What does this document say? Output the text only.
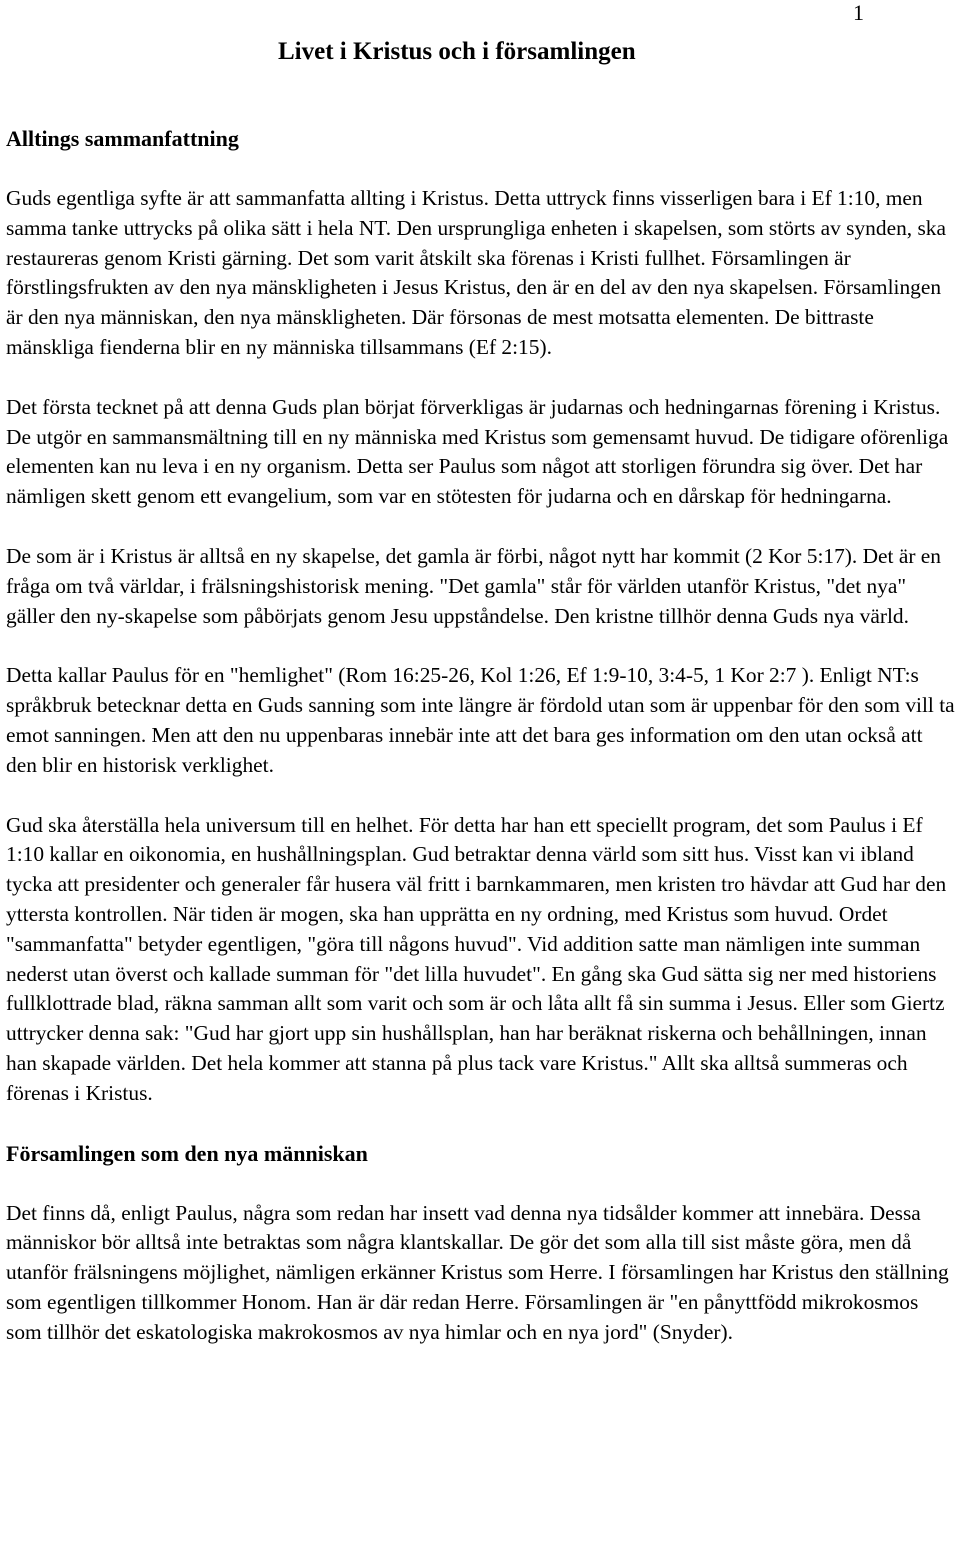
1
Livet i Kristus och i församlingen
Alltings sammanfattning

Guds egentliga syfte är att sammanfatta allting i Kristus. Detta uttryck finns visserligen bara i Ef 1:10, men samma tanke uttrycks på olika sätt i hela NT. Den ursprungliga enheten i skapelsen, som störts av synden, ska restaureras genom Kristi gärning. Det som varit åtskilt ska förenas i Kristi fullhet. Församlingen är förstlingsfrukten av den nya mänskligheten i Jesus Kristus, den är en del av den nya skapelsen. Församlingen är den nya människan, den nya mänskligheten. Där försonas de mest motsatta elementen. De bittraste mänskliga fienderna blir en ny människa tillsammans (Ef 2:15).

Det första tecknet på att denna Guds plan börjat förverkligas är judarnas och hedningarnas förening i Kristus. De utgör en sammansmältning till en ny människa med Kristus som gemensamt huvud. De tidigare oförenliga elementen kan nu leva i en ny organism. Detta ser Paulus som något att storligen förundra sig över. Det har nämligen skett genom ett evangelium, som var en stötesten för judarna och en dårskap för hedningarna.

De som är i Kristus är alltså en ny skapelse, det gamla är förbi, något nytt har kommit (2 Kor 5:17). Det är en fråga om två världar, i frälsningshistorisk mening. "Det gamla" står för världen utanför Kristus, "det nya" gäller den ny-skapelse som påbörjats genom Jesu uppståndelse. Den kristne tillhör denna Guds nya värld.

Detta kallar Paulus för en "hemlighet" (Rom 16:25-26, Kol 1:26, Ef 1:9-10, 3:4-5, 1 Kor 2:7 ). Enligt NT:s språkbruk betecknar detta en Guds sanning som inte längre är fördold utan som är uppenbar för den som vill ta emot sanningen. Men att den nu uppenbaras innebär inte att det bara ges information om den utan också att den blir en historisk verklighet.

Gud ska återställa hela universum till en helhet. För detta har han ett speciellt program, det som Paulus i Ef 1:10 kallar en oikonomia, en hushållningsplan. Gud betraktar denna värld som sitt hus. Visst kan vi ibland tycka att presidenter och generaler får husera väl fritt i barnkammaren, men kristen tro hävdar att Gud har den yttersta kontrollen. När tiden är mogen, ska han upprätta en ny ordning, med Kristus som huvud. Ordet "sammanfatta" betyder egentligen, "göra till någons huvud". Vid addition satte man nämligen inte summan nederst utan överst och kallade summan för "det lilla huvudet". En gång ska Gud sätta sig ner med historiens fullklottrade blad, räkna samman allt som varit och som är och låta allt få sin summa i Jesus. Eller som Giertz uttrycker denna sak: "Gud har gjort upp sin hushållsplan, han har beräknat riskerna och behållningen, innan han skapade världen. Det hela kommer att stanna på plus tack vare Kristus." Allt ska alltså summeras och förenas i Kristus.

Församlingen som den nya människan

Det finns då, enligt Paulus, några som redan har insett vad denna nya tidsålder kommer att innebära. Dessa människor bör alltså inte betraktas som några klantskallar. De gör det som alla till sist måste göra, men då utanför frälsningens möjlighet, nämligen erkänner Kristus som Herre. I församlingen har Kristus den ställning som egentligen tillkommer Honom. Han är där redan Herre. Församlingen är "en pånyttfödd mikrokosmos som tillhör det eskatologiska makrokosmos av nya himlar och en nya jord" (Snyder).
